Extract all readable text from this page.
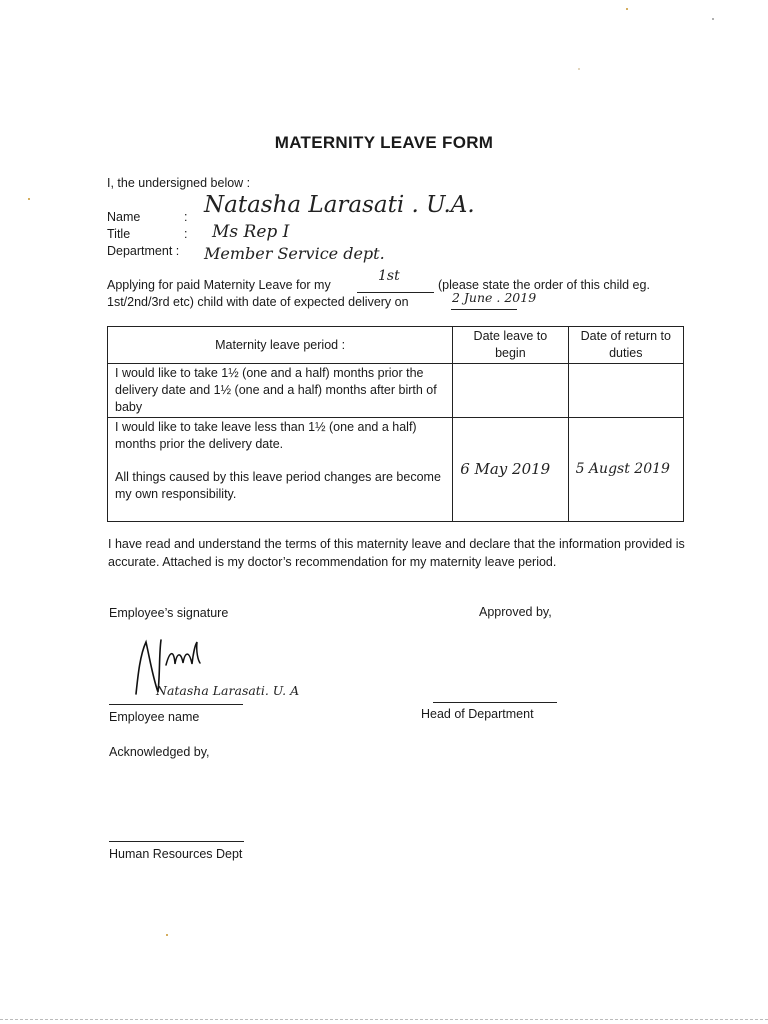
MATERNITY LEAVE FORM
I, the undersigned below :
Name	: Natasha Larasati . U.A.
Title	: Ms Rep I
Department : Member Service dept.
Applying for paid Maternity Leave for my
1st
(please state the order of this child eg.
1st/2nd/3rd etc) child with date of expected delivery on	2 June . 2019
Maternity leave period :	Date leave to begin	Date of return to duties
I would like to take 1½ (one and a half) months prior the delivery date and 1½ (one and a half) months after birth of baby		

I would like to take leave less than 1½ (one and a half) months prior the delivery date.
All things caused by this leave period changes are become my own responsibility.	6 May 2019	5 Augst 2019
I have read and understand the terms of this maternity leave and declare that the information provided is accurate. Attached is my doctor’s recommendation for my maternity leave period.
Employee’s signature	Approved by,
Natasha Larasati. U. A
Employee name	Head of Department
Acknowledged by,
Human Resources Dept
